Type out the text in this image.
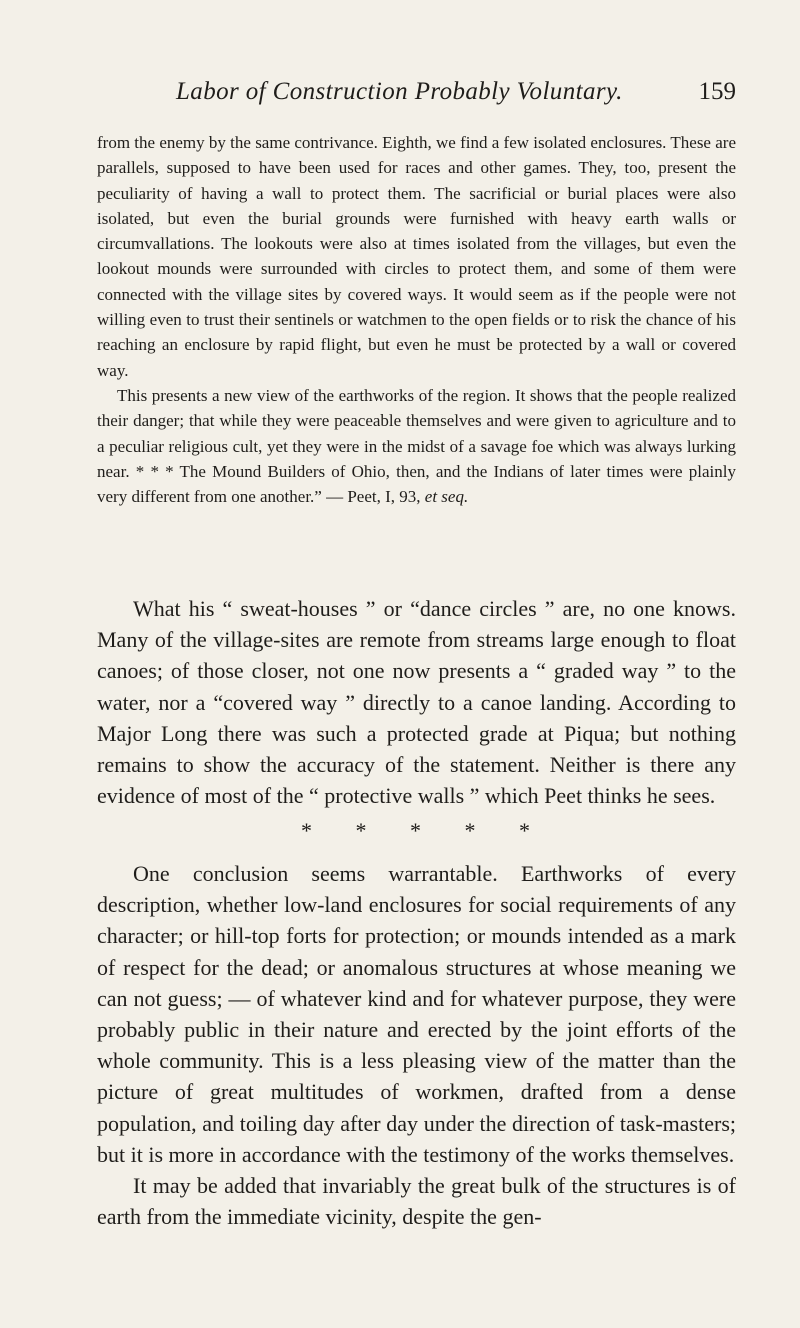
Labor of Construction Probably Voluntary.	159

from the enemy by the same contrivance. Eighth, we find a few isolated enclosures. These are parallels, supposed to have been used for races and other games. They, too, present the peculiarity of having a wall to protect them. The sacrificial or burial places were also isolated, but even the burial grounds were furnished with heavy earth walls or circumvallations. The lookouts were also at times isolated from the villages, but even the lookout mounds were surrounded with circles to protect them, and some of them were connected with the village sites by covered ways. It would seem as if the people were not willing even to trust their sentinels or watchmen to the open fields or to risk the chance of his reaching an enclosure by rapid flight, but even he must be protected by a wall or covered way.

This presents a new view of the earthworks of the region. It shows that the people realized their danger; that while they were peaceable themselves and were given to agriculture and to a peculiar religious cult, yet they were in the midst of a savage foe which was always lurking near. * * * The Mound Builders of Ohio, then, and the Indians of later times were plainly very different from one another.” — Peet, I, 93, et seq.

What his “ sweat-houses ” or “dance circles ” are, no one knows. Many of the village-sites are remote from streams large enough to float canoes; of those closer, not one now presents a “ graded way ” to the water, nor a “covered way ” directly to a canoe landing. According to Major Long there was such a protected grade at Piqua; but nothing remains to show the accuracy of the statement. Neither is there any evidence of most of the “ protective walls ” which Peet thinks he sees.

* * * * *

One conclusion seems warrantable. Earthworks of every description, whether low-land enclosures for social requirements of any character; or hill-top forts for protection; or mounds intended as a mark of respect for the dead; or anomalous structures at whose meaning we can not guess; — of whatever kind and for whatever purpose, they were probably public in their nature and erected by the joint efforts of the whole community. This is a less pleasing view of the matter than the picture of great multitudes of workmen, drafted from a dense population, and toiling day after day under the direction of task-masters; but it is more in accordance with the testimony of the works themselves.

It may be added that invariably the great bulk of the structures is of earth from the immediate vicinity, despite the gen-
